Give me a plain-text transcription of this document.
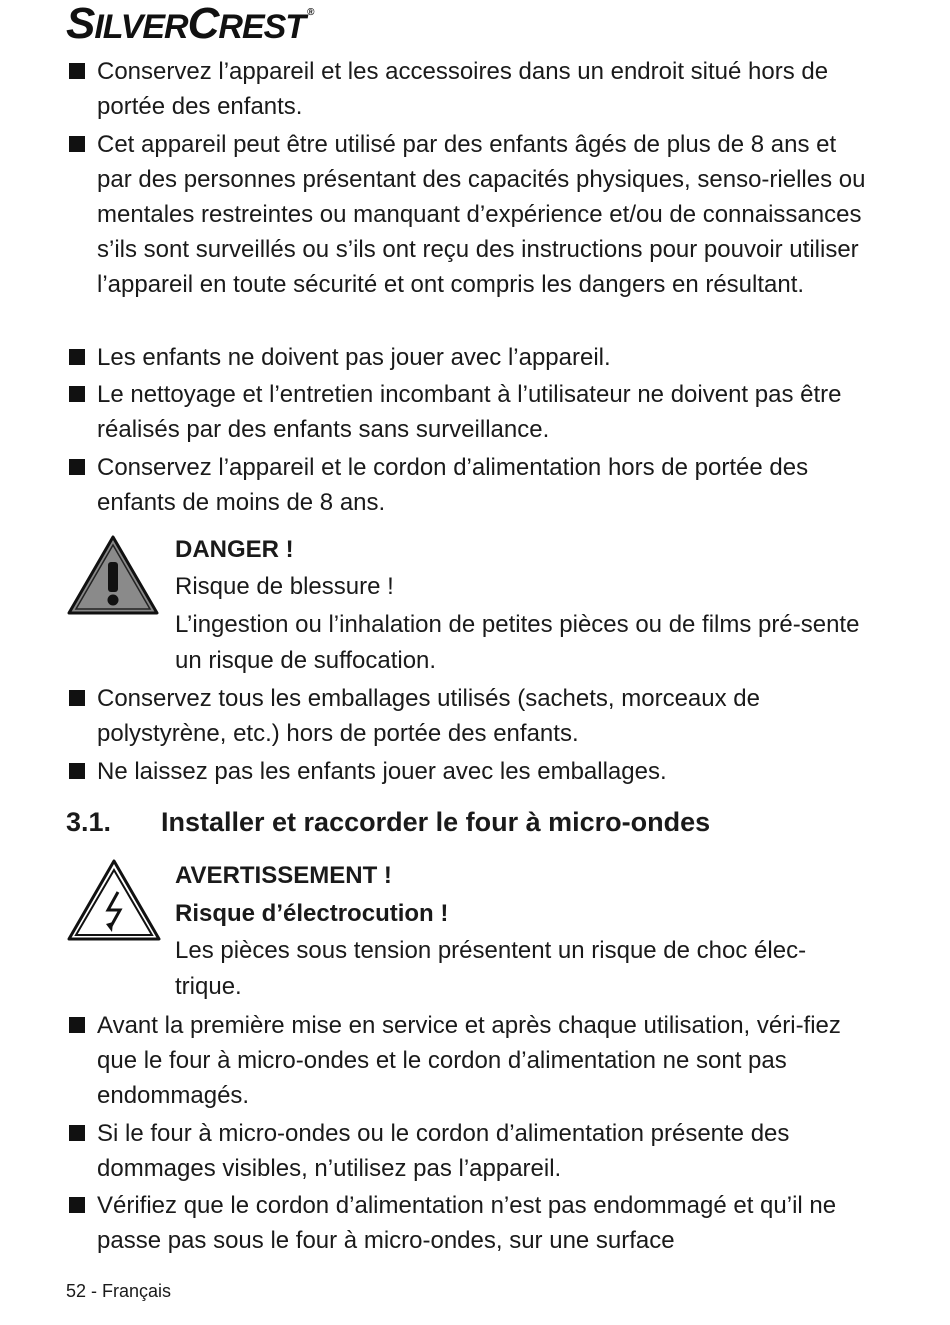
SILVERCREST ®
Conservez l’appareil et les accessoires dans un endroit situé hors de portée des enfants.
Cet appareil peut être utilisé par des enfants âgés de plus de 8 ans et par des personnes présentant des capacités physiques, senso-rielles ou mentales restreintes ou manquant d’expérience et/ou de connaissances s’ils sont surveillés ou s’ils ont reçu des instructions pour pouvoir utiliser l’appareil en toute sécurité et ont compris les dangers en résultant.
Les enfants ne doivent pas jouer avec l’appareil.
Le nettoyage et l’entretien incombant à l’utilisateur ne doivent pas être réalisés par des enfants sans surveillance.
Conservez l’appareil et le cordon d’alimentation hors de portée des enfants de moins de 8 ans.
DANGER !
Risque de blessure !
L’ingestion ou l’inhalation de petites pièces ou de films pré-sente un risque de suffocation.
Conservez tous les emballages utilisés (sachets, morceaux de polystyrène, etc.) hors de portée des enfants.
Ne laissez pas les enfants jouer avec les emballages.
3.1. Installer et raccorder le four à micro-ondes
AVERTISSEMENT !
Risque d’électrocution !
Les pièces sous tension présentent un risque de choc élec-trique.
Avant la première mise en service et après chaque utilisation, véri-fiez que le four à micro-ondes et le cordon d’alimentation ne sont pas endommagés.
Si le four à micro-ondes ou le cordon d’alimentation présente des dommages visibles, n’utilisez pas l’appareil.
Vérifiez que le cordon d’alimentation n’est pas endommagé et qu’il ne passe pas sous le four à micro-ondes, sur une surface
52 - Français
